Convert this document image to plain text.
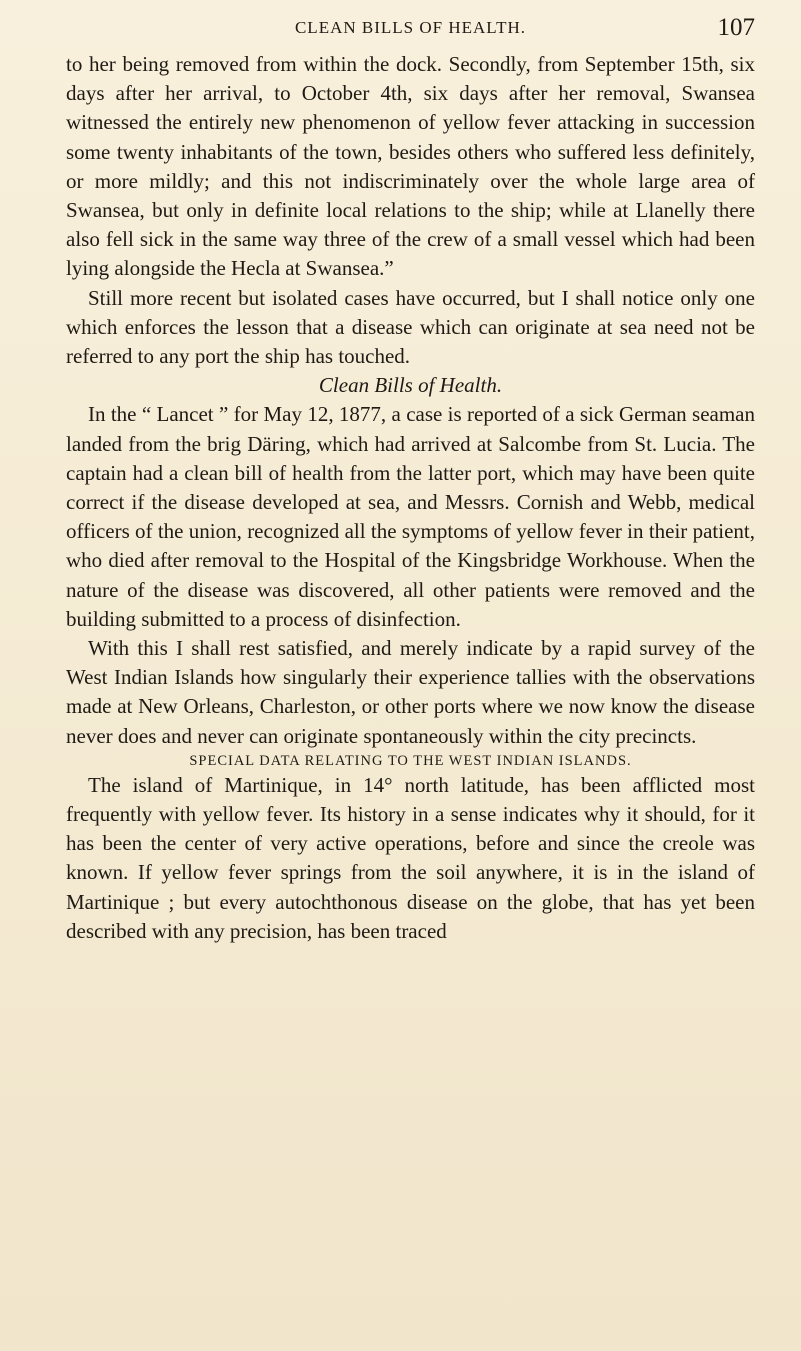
CLEAN BILLS OF HEALTH.	107

to her being removed from within the dock. Secondly, from September 15th, six days after her arrival, to October 4th, six days after her removal, Swansea witnessed the entirely new phenomenon of yellow fever attacking in succession some twenty inhabitants of the town, besides others who suffered less definitely, or more mildly; and this not indiscriminately over the whole large area of Swansea, but only in definite local relations to the ship; while at Llanelly there also fell sick in the same way three of the crew of a small vessel which had been lying alongside the Hecla at Swansea.”

Still more recent but isolated cases have occurred, but I shall notice only one which enforces the lesson that a disease which can originate at sea need not be referred to any port the ship has touched.

Clean Bills of Health.

In the “ Lancet ” for May 12, 1877, a case is reported of a sick German seaman landed from the brig Däring, which had arrived at Salcombe from St. Lucia. The captain had a clean bill of health from the latter port, which may have been quite correct if the disease developed at sea, and Messrs. Cornish and Webb, medical officers of the union, recognized all the symptoms of yellow fever in their patient, who died after removal to the Hospital of the Kingsbridge Workhouse. When the nature of the disease was discovered, all other patients were removed and the building submitted to a process of disinfection.

With this I shall rest satisfied, and merely indicate by a rapid survey of the West Indian Islands how singularly their experience tallies with the observations made at New Orleans, Charleston, or other ports where we now know the disease never does and never can originate spontaneously within the city precincts.

SPECIAL DATA RELATING TO THE WEST INDIAN ISLANDS.

The island of Martinique, in 14° north latitude, has been afflicted most frequently with yellow fever. Its history in a sense indicates why it should, for it has been the center of very active operations, before and since the creole was known. If yellow fever springs from the soil anywhere, it is in the island of Martinique ; but every autochthonous disease on the globe, that has yet been described with any precision, has been traced
